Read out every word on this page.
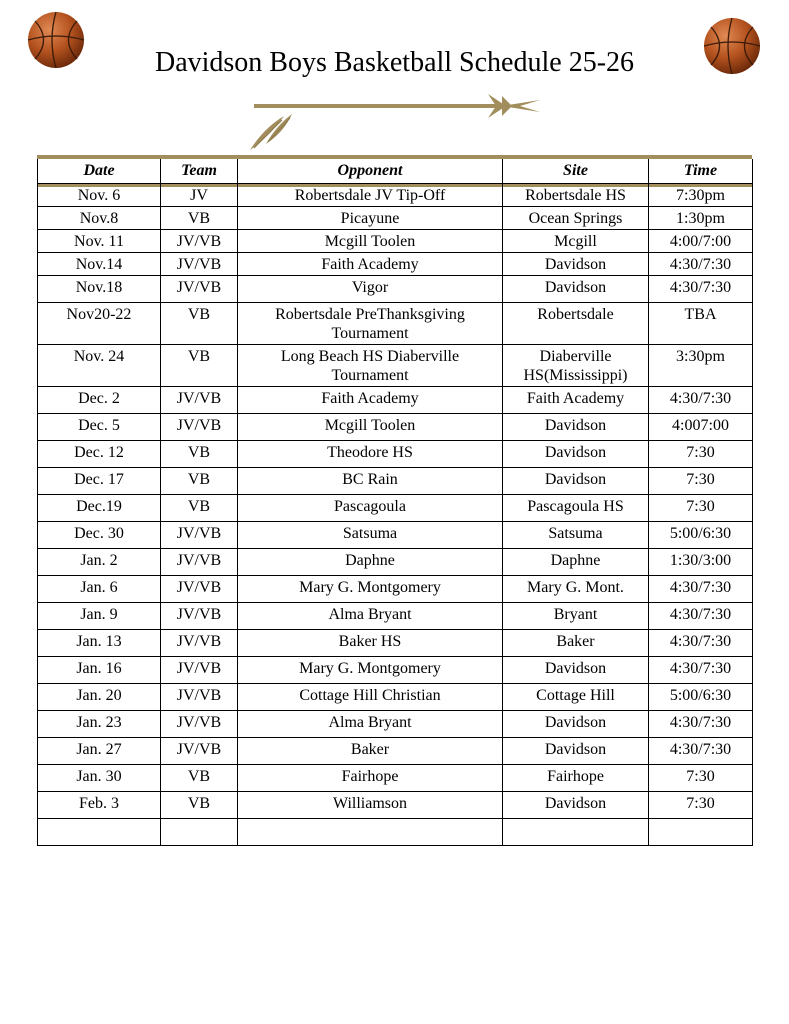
Davidson Boys Basketball Schedule 25-26
Date	Team	Opponent	Site	Time
Nov. 6	JV	Robertsdale JV Tip-Off	Robertsdale HS	7:30pm
Nov.8	VB	Picayune	Ocean Springs	1:30pm
Nov. 11	JV/VB	Mcgill Toolen	Mcgill	4:00/7:00
Nov.14	JV/VB	Faith Academy	Davidson	4:30/7:30
Nov.18	JV/VB	Vigor	Davidson	4:30/7:30
Nov20-22	VB	Robertsdale PreThanksgiving Tournament	Robertsdale	TBA
Nov. 24	VB	Long Beach HS Diaberville Tournament	Diaberville HS(Mississippi)	3:30pm
Dec. 2	JV/VB	Faith Academy	Faith Academy	4:30/7:30
Dec. 5	JV/VB	Mcgill Toolen	Davidson	4:007:00
Dec. 12	VB	Theodore HS	Davidson	7:30
Dec. 17	VB	BC Rain	Davidson	7:30
Dec.19	VB	Pascagoula	Pascagoula HS	7:30
Dec. 30	JV/VB	Satsuma	Satsuma	5:00/6:30
Jan. 2	JV/VB	Daphne	Daphne	1:30/3:00
Jan. 6	JV/VB	Mary G. Montgomery	Mary G. Mont.	4:30/7:30
Jan. 9	JV/VB	Alma Bryant	Bryant	4:30/7:30
Jan. 13	JV/VB	Baker HS	Baker	4:30/7:30
Jan. 16	JV/VB	Mary G. Montgomery	Davidson	4:30/7:30
Jan. 20	JV/VB	Cottage Hill Christian	Cottage Hill	5:00/6:30
Jan. 23	JV/VB	Alma Bryant	Davidson	4:30/7:30
Jan. 27	JV/VB	Baker	Davidson	4:30/7:30
Jan. 30	VB	Fairhope	Fairhope	7:30
Feb. 3	VB	Williamson	Davidson	7:30
